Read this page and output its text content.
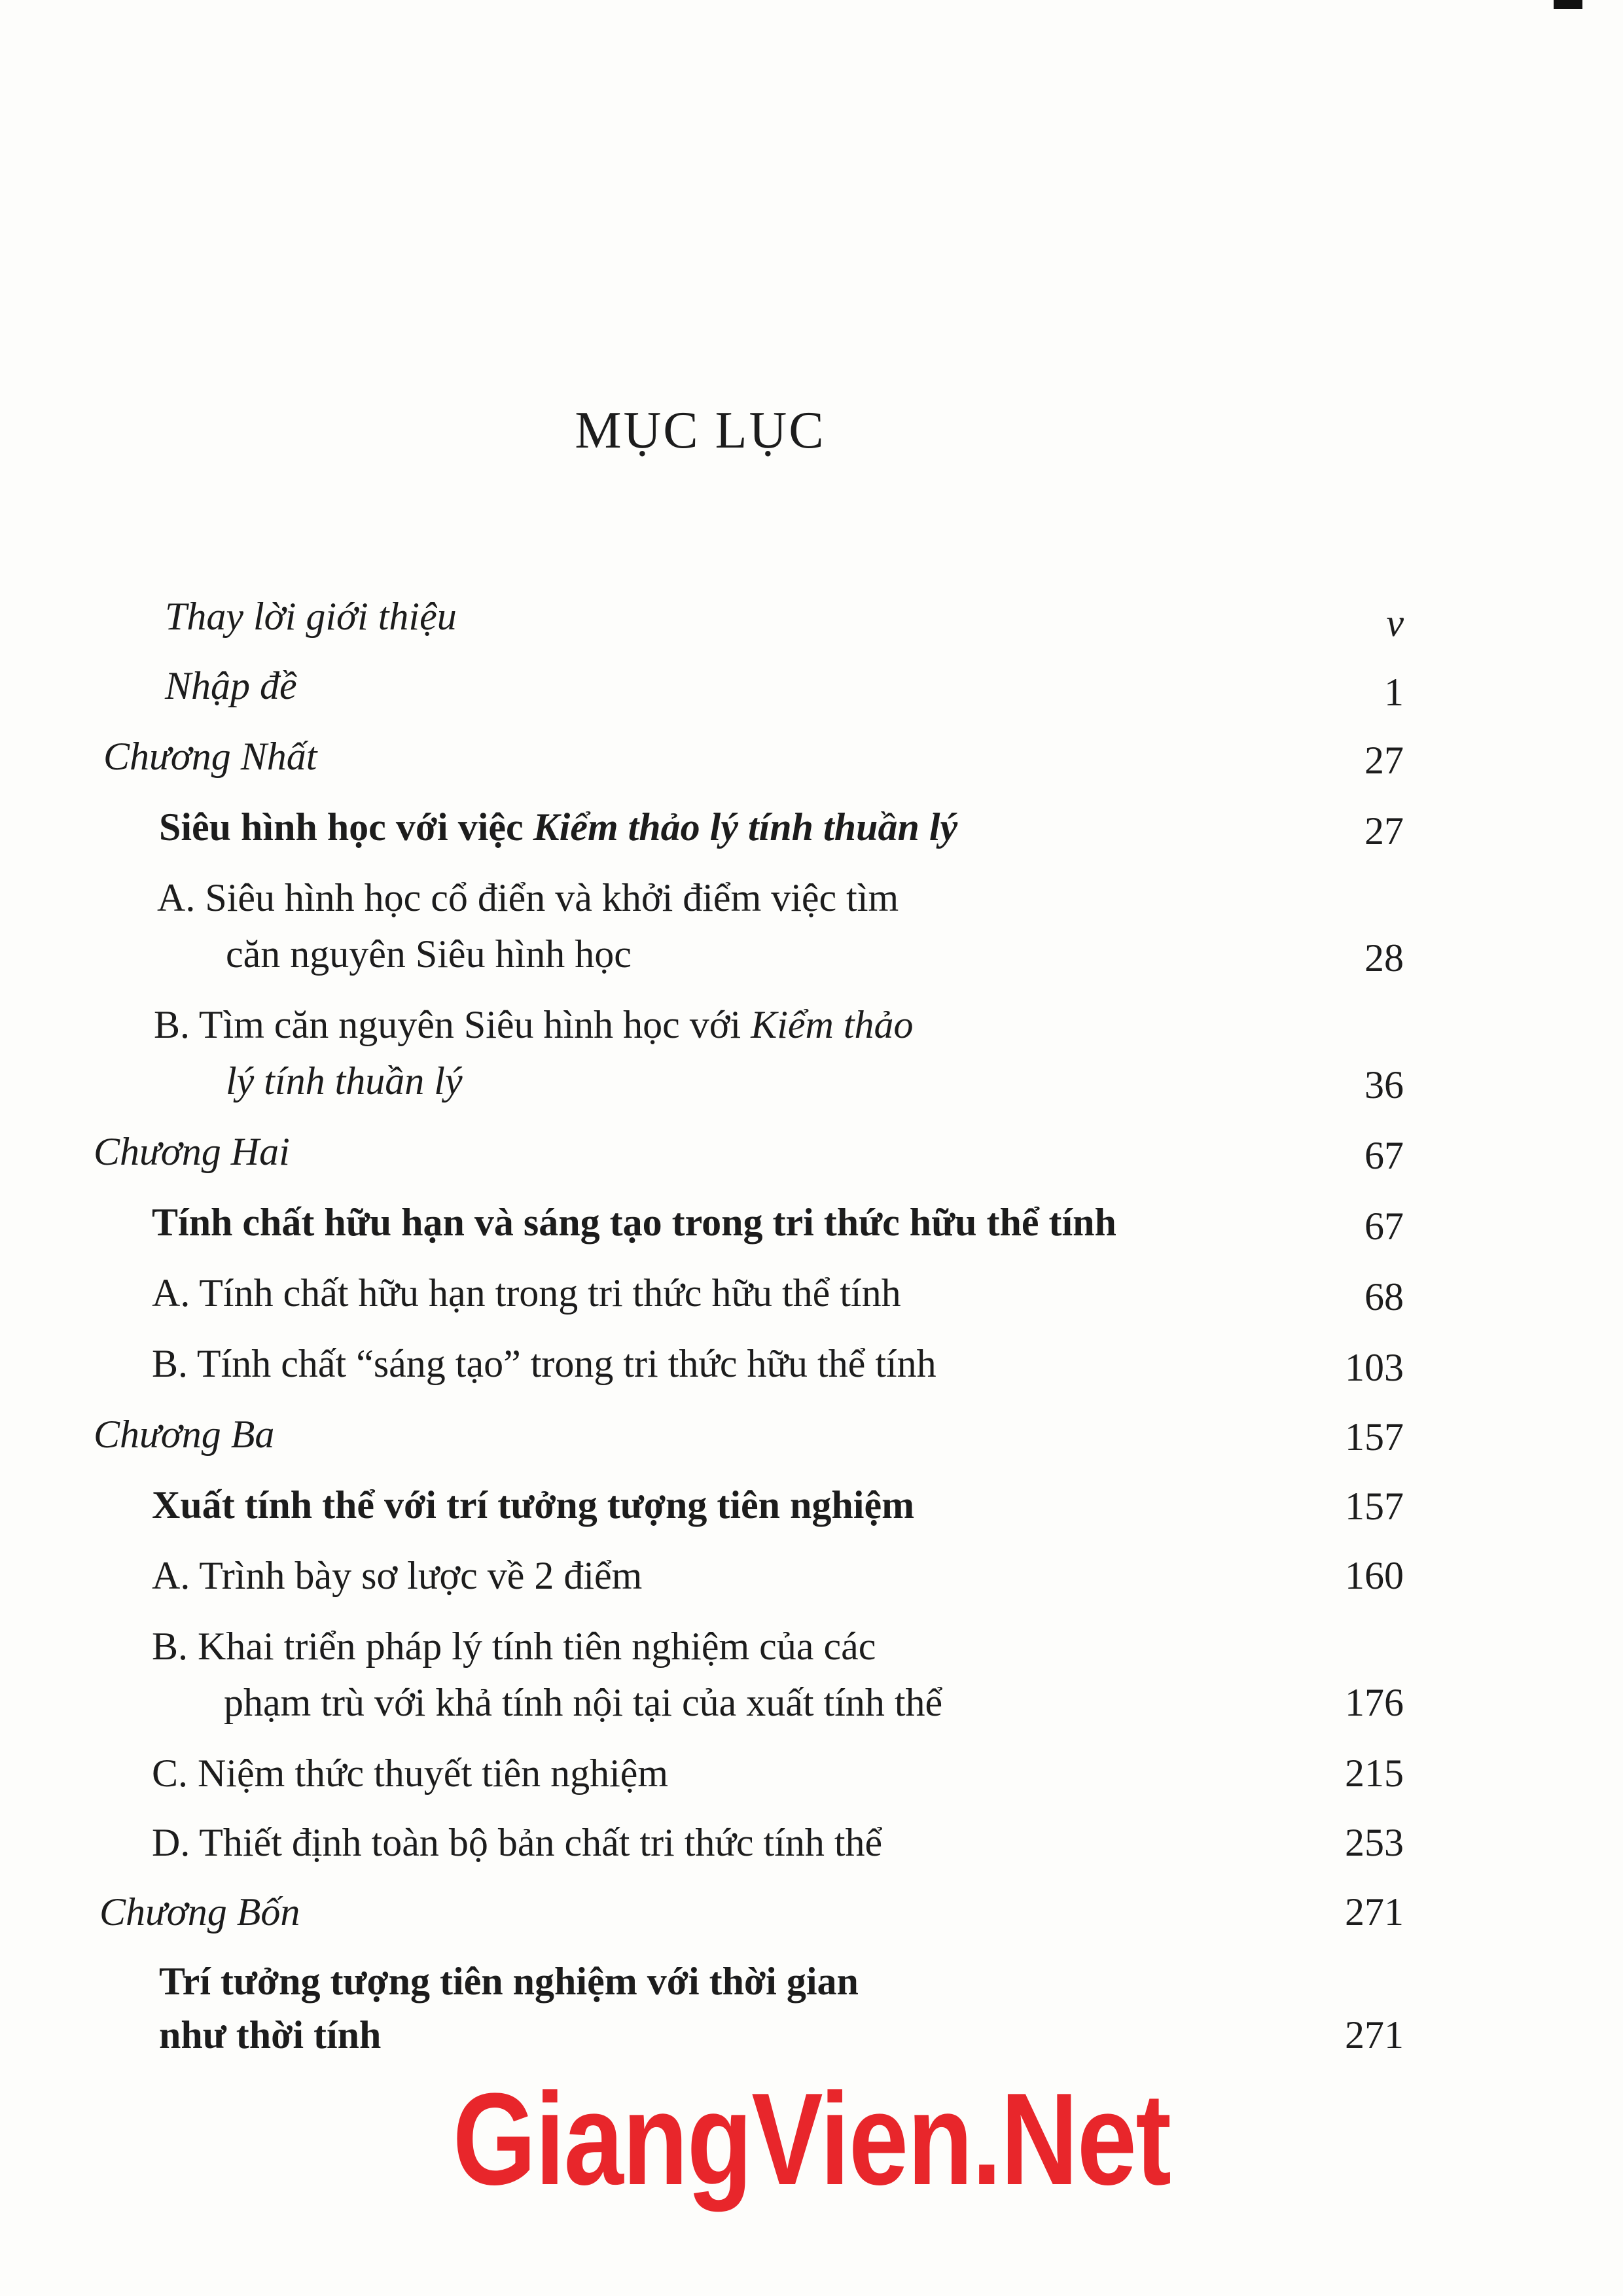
MỤC LỤC
Thay lời giới thiệu	v
Nhập đề	1
Chương Nhất	27
Siêu hình học với việc Kiểm thảo lý tính thuần lý	27
A. Siêu hình học cổ điển và khởi điểm việc tìm
căn nguyên Siêu hình học	28
B. Tìm căn nguyên Siêu hình học với Kiểm thảo
lý tính thuần lý	36
Chương Hai	67
Tính chất hữu hạn và sáng tạo trong tri thức hữu thể tính	67
A. Tính chất hữu hạn trong tri thức hữu thể tính	68
B. Tính chất “sáng tạo” trong tri thức hữu thể tính	103
Chương Ba	157
Xuất tính thể với trí tưởng tượng tiên nghiệm	157
A. Trình bày sơ lược về 2 điểm	160
B. Khai triển pháp lý tính tiên nghiệm của các
phạm trù với khả tính nội tại của xuất tính thể	176
C. Niệm thức thuyết tiên nghiệm	215
D. Thiết định toàn bộ bản chất tri thức tính thể	253
Chương Bốn	271
Trí tưởng tượng tiên nghiệm với thời gian
như thời tính	271
GiangVien.Net
